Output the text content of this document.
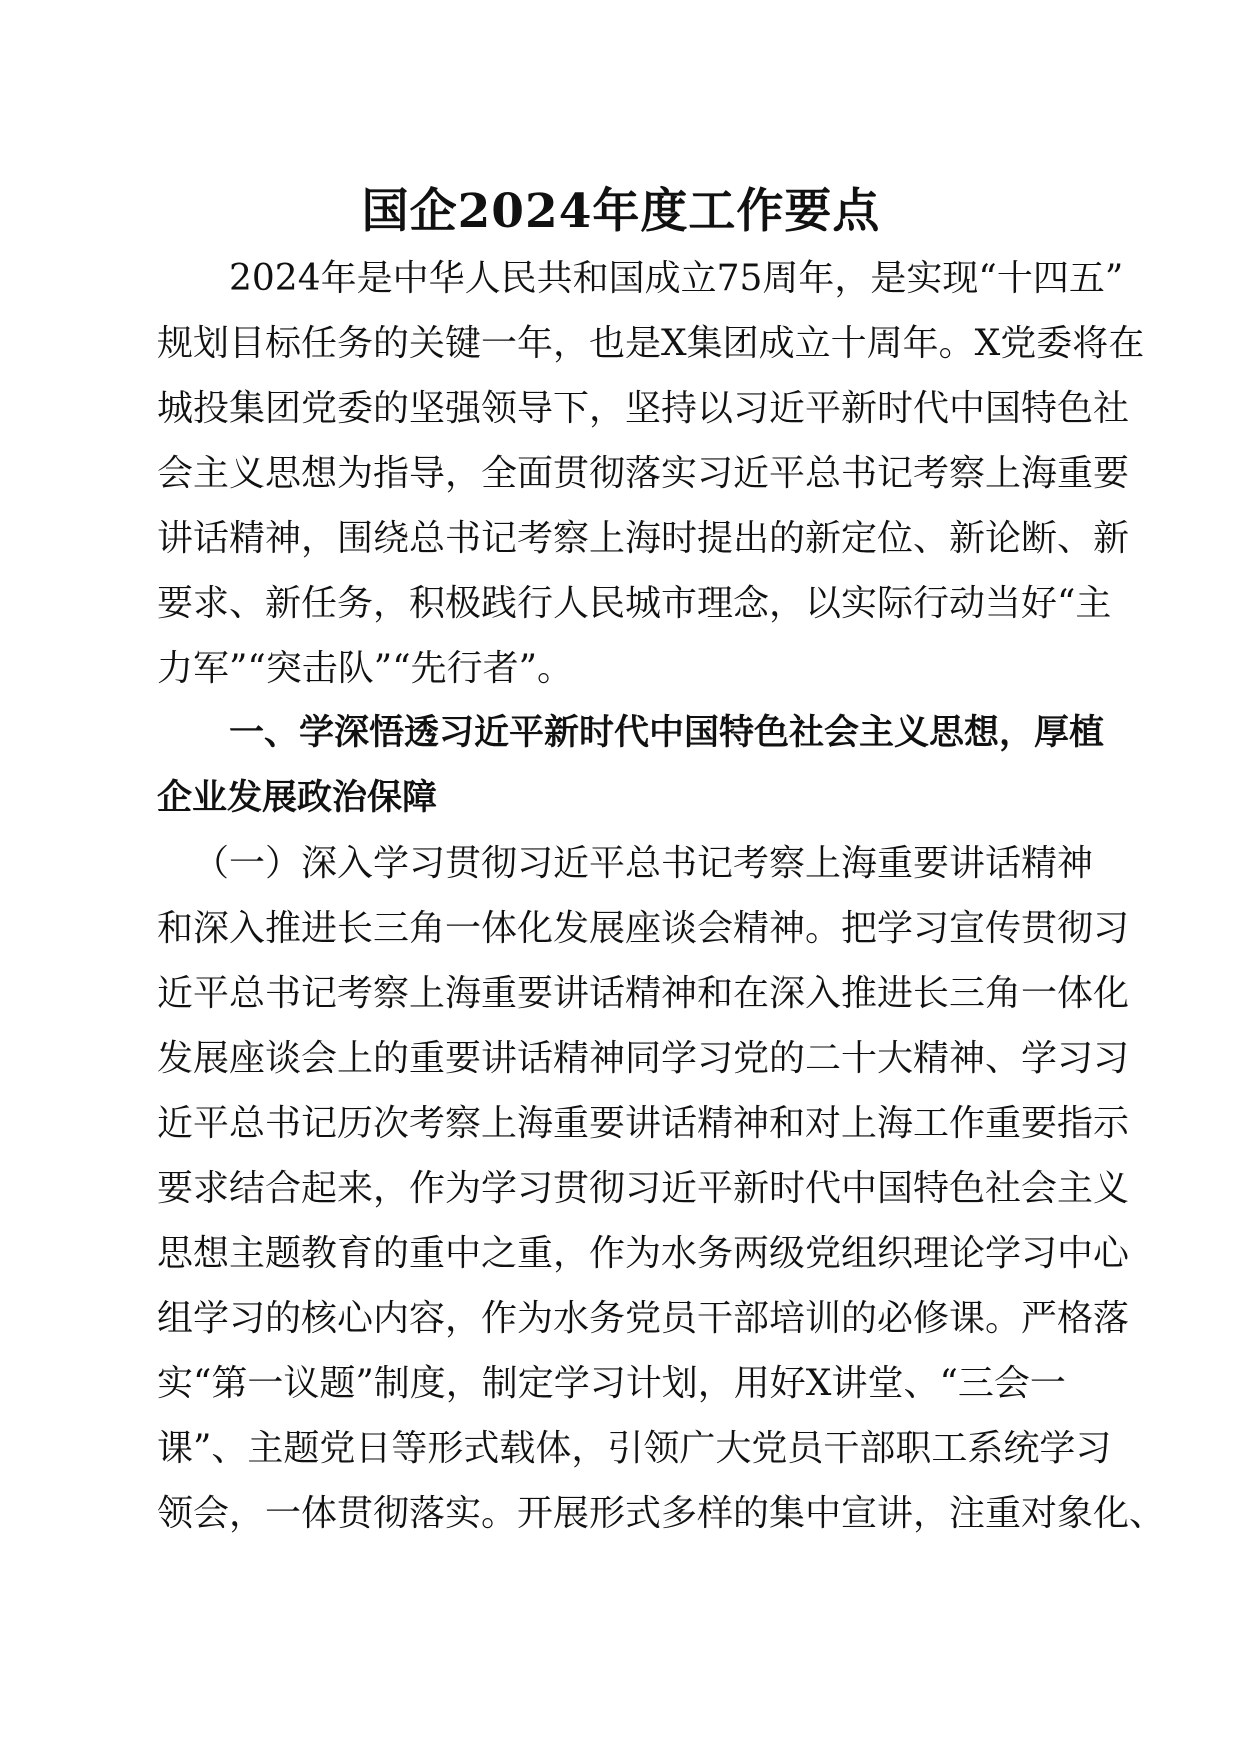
国企2024年度工作要点
2024年是中华人民共和国成立75周年，是实现“十四五”
规划目标任务的关键一年，也是X集团成立十周年。X党委将在
城投集团党委的坚强领导下，坚持以习近平新时代中国特色社
会主义思想为指导，全面贯彻落实习近平总书记考察上海重要
讲话精神，围绕总书记考察上海时提出的新定位、新论断、新
要求、新任务，积极践行人民城市理念，以实际行动当好“主
力军”“突击队”“先行者”。
一、学深悟透习近平新时代中国特色社会主义思想，厚植
企业发展政治保障
（一）深入学习贯彻习近平总书记考察上海重要讲话精神
和深入推进长三角一体化发展座谈会精神。把学习宣传贯彻习
近平总书记考察上海重要讲话精神和在深入推进长三角一体化
发展座谈会上的重要讲话精神同学习党的二十大精神、学习习
近平总书记历次考察上海重要讲话精神和对上海工作重要指示
要求结合起来，作为学习贯彻习近平新时代中国特色社会主义
思想主题教育的重中之重，作为水务两级党组织理论学习中心
组学习的核心内容，作为水务党员干部培训的必修课。严格落
实“第一议题”制度，制定学习计划，用好X讲堂、“三会一
课”、主题党日等形式载体，引领广大党员干部职工系统学习
领会，一体贯彻落实。开展形式多样的集中宣讲，注重对象化、
